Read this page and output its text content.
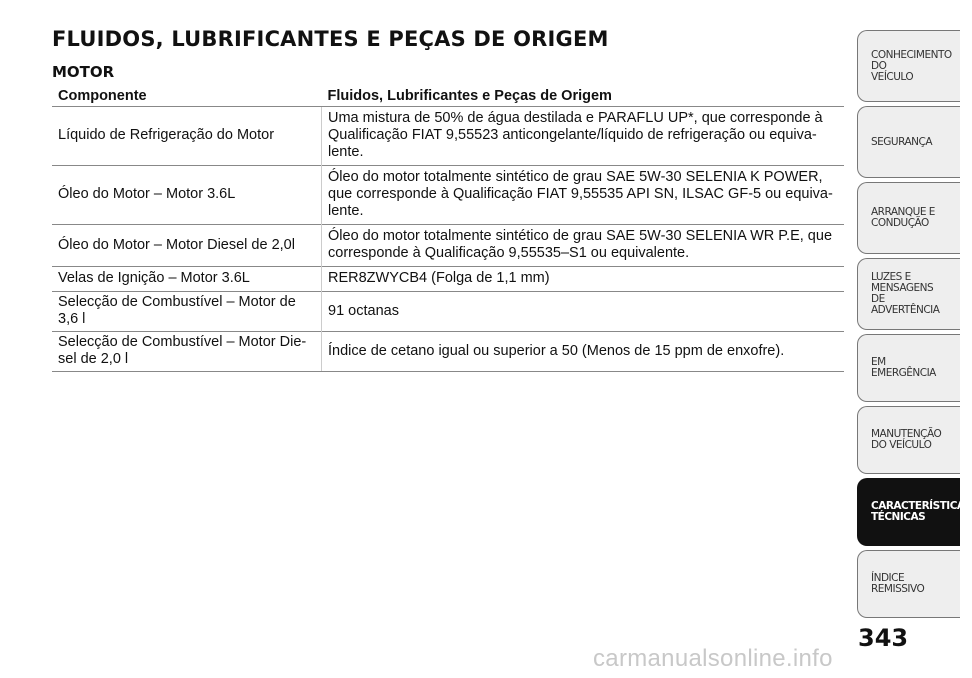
FLUIDOS, LUBRIFICANTES E PEÇAS DE ORIGEM
MOTOR
Componente	Fluidos, Lubrificantes e Peças de Origem
Líquido de Refrigeração do Motor	Uma mistura de 50% de água destilada e PARAFLU UP*, que corresponde à Qualificação FIAT 9,55523 anticongelante/líquido de refrigeração ou equiva-lente.
Óleo do Motor – Motor 3.6L	Óleo do motor totalmente sintético de grau SAE 5W-30 SELENIA K POWER, que corresponde à Qualificação FIAT 9,55535 API SN, ILSAC GF-5 ou equiva-lente.
Óleo do Motor – Motor Diesel de 2,0l	Óleo do motor totalmente sintético de grau SAE 5W-30 SELENIA WR P.E, que corresponde à Qualificação 9,55535–S1 ou equivalente.
Velas de Ignição – Motor 3.6L	RER8ZWYCB4 (Folga de 1,1 mm)
Selecção de Combustível – Motor de 3,6 l	91 octanas
Selecção de Combustível – Motor Die-sel de 2,0 l	Índice de cetano igual ou superior a 50 (Menos de 15 ppm de enxofre).
CONHECIMENTO
DO
VEÍCULO
SEGURANÇA
ARRANQUE E
CONDUÇÃO
LUZES E
MENSAGENS
DE
ADVERTÊNCIA
EM
EMERGÊNCIA
MANUTENÇÃO
DO VEÍCULO
CARACTERÍSTICAS
TÉCNICAS
ÍNDICE
REMISSIVO
343
carmanualsonline.info
